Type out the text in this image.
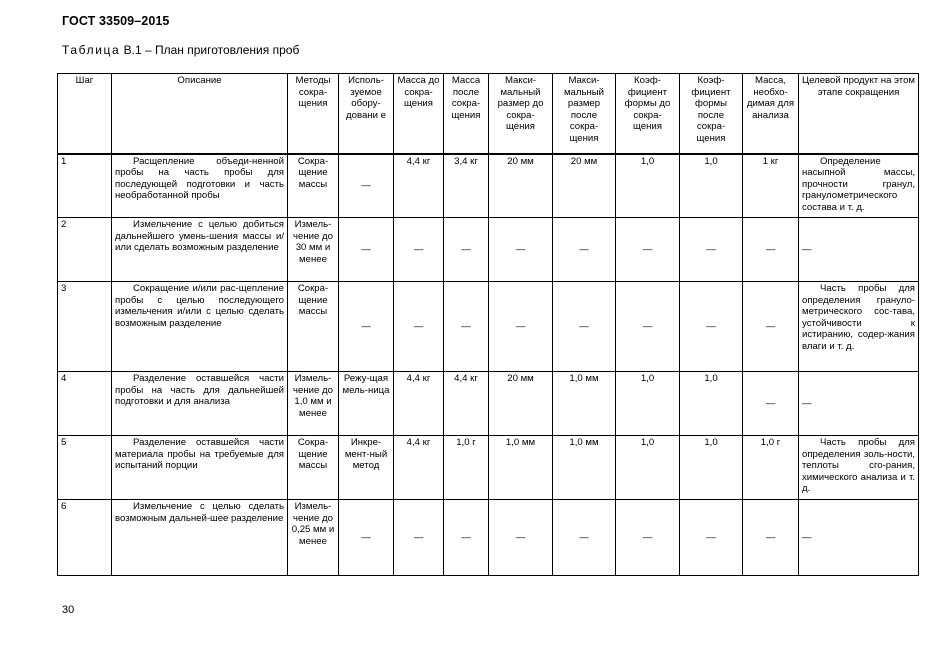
ГОСТ 33509–2015
Таблица В.1 – План приготовления проб
Шаг	Описание	Методы сокра-щения	Исполь-зуемое обору-довани е	Масса до сокра-щения	Масса после сокра-щения	Макси-мальный размер до сокра-щения	Макси-мальный размер после сокра-щения	Коэф-фициент формы до сокра-щения	Коэф-фициент формы после сокра-щения	Масса, необхо-димая для анализа	Целевой продукт на этом этапе сокращения
1	Расщепление объеди-ненной пробы на часть пробы для последующей подготовки и часть необработанной пробы	Сокра-щение массы	—	4,4 кг	3,4 кг	20 мм	20 мм	1,0	1,0	1 кг	Определение насыпной массы, прочности гранул, гранулометрического состава и т. д.
2	Измельчение с целью добиться дальнейшего умень-шения массы и/или сделать возможным разделение	Измель-чение до 30 мм и менее	—	—	—	—	—	—	—	—	—
3	Сокращение и/или рас-щепление пробы с целью последующего измельчения и/или с целью сделать возможным разделение	Сокра-щение массы	—	—	—	—	—	—	—	—	Часть пробы для определения грануло-метрического сос-тава, устойчивости к истиранию, содер-жания влаги и т. д.
4	Разделение оставшейся части пробы на часть для дальнейшей подготовки и для анализа	Измель-чение до 1,0 мм и менее	Режу-щая мель-ница	4,4 кг	4,4 кг	20 мм	1,0 мм	1,0	1,0	—	—
5	Разделение оставшейся части материала пробы на требуемые для испытаний порции	Сокра-щение массы	Инкре-мент-ный метод	4,4 кг	1,0 г	1,0 мм	1,0 мм	1,0	1,0	1,0 г	Часть пробы для определения золь-ности, теплоты сго-рания, химического анализа и т. д.
6	Измельчение с целью сделать возможным дальней-шее разделение	Измель-чение до 0,25 мм и менее	—	—	—	—	—	—	—	—	—
30
